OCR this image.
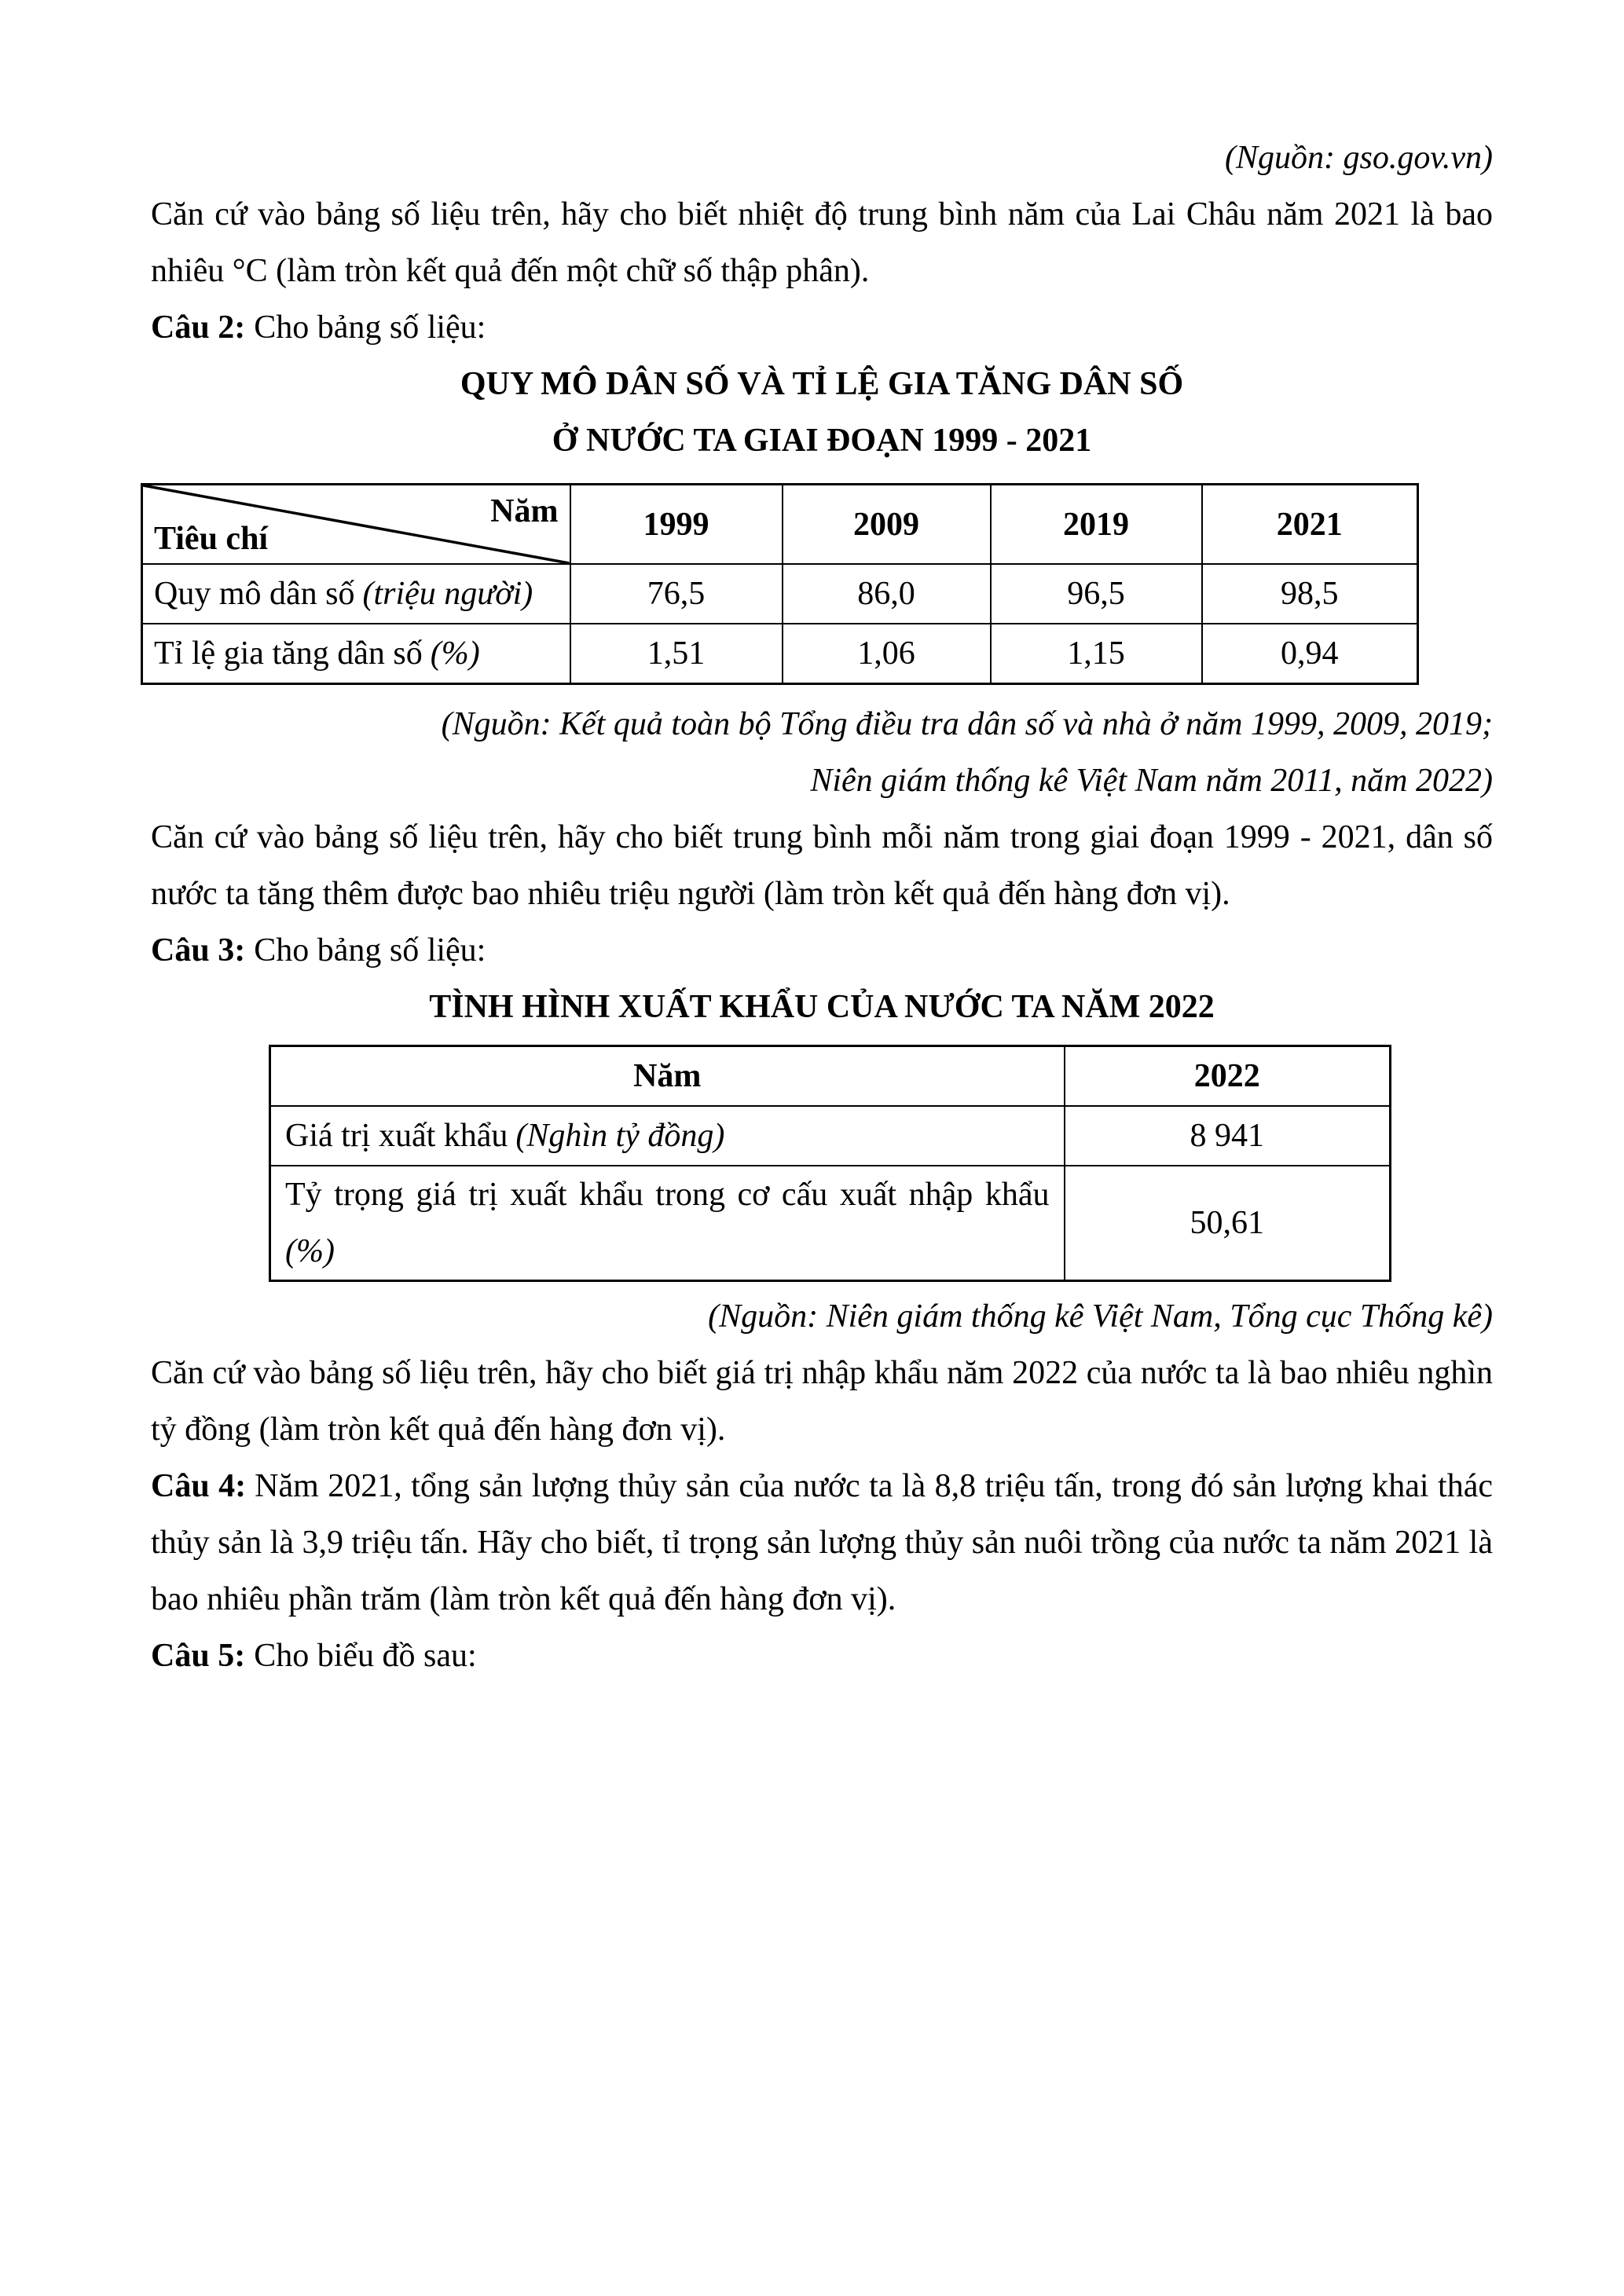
(Nguồn: gso.gov.vn)

Căn cứ vào bảng số liệu trên, hãy cho biết nhiệt độ trung bình năm của Lai Châu năm 2021 là bao nhiêu °C (làm tròn kết quả đến một chữ số thập phân).

Câu 2: Cho bảng số liệu:

QUY MÔ DÂN SỐ VÀ TỈ LỆ GIA TĂNG DÂN SỐ

Ở NƯỚC TA GIAI ĐOẠN 1999 - 2021

Năm
Tiêu chí	1999	2009	2019	2021
Quy mô dân số (triệu người)	76,5	86,0	96,5	98,5
Tỉ lệ gia tăng dân số (%)	1,51	1,06	1,15	0,94

(Nguồn: Kết quả toàn bộ Tổng điều tra dân số và nhà ở năm 1999, 2009, 2019;

Niên giám thống kê Việt Nam năm 2011, năm 2022)

Căn cứ vào bảng số liệu trên, hãy cho biết trung bình mỗi năm trong giai đoạn 1999 - 2021, dân số nước ta tăng thêm được bao nhiêu triệu người (làm tròn kết quả đến hàng đơn vị).

Câu 3: Cho bảng số liệu:

TÌNH HÌNH XUẤT KHẨU CỦA NƯỚC TA NĂM 2022

Năm	2022
Giá trị xuất khẩu (Nghìn tỷ đồng)	8 941

Tỷ trọng giá trị xuất khẩu trong cơ cấu xuất nhập khẩu
(%)	50,61

(Nguồn: Niên giám thống kê Việt Nam, Tổng cục Thống kê)

Căn cứ vào bảng số liệu trên, hãy cho biết giá trị nhập khẩu năm 2022 của nước ta là bao nhiêu nghìn tỷ đồng (làm tròn kết quả đến hàng đơn vị).

Câu 4: Năm 2021, tổng sản lượng thủy sản của nước ta là 8,8 triệu tấn, trong đó sản lượng khai thác thủy sản là 3,9 triệu tấn. Hãy cho biết, tỉ trọng sản lượng thủy sản nuôi trồng của nước ta năm 2021 là bao nhiêu phần trăm (làm tròn kết quả đến hàng đơn vị).

Câu 5: Cho biểu đồ sau:
